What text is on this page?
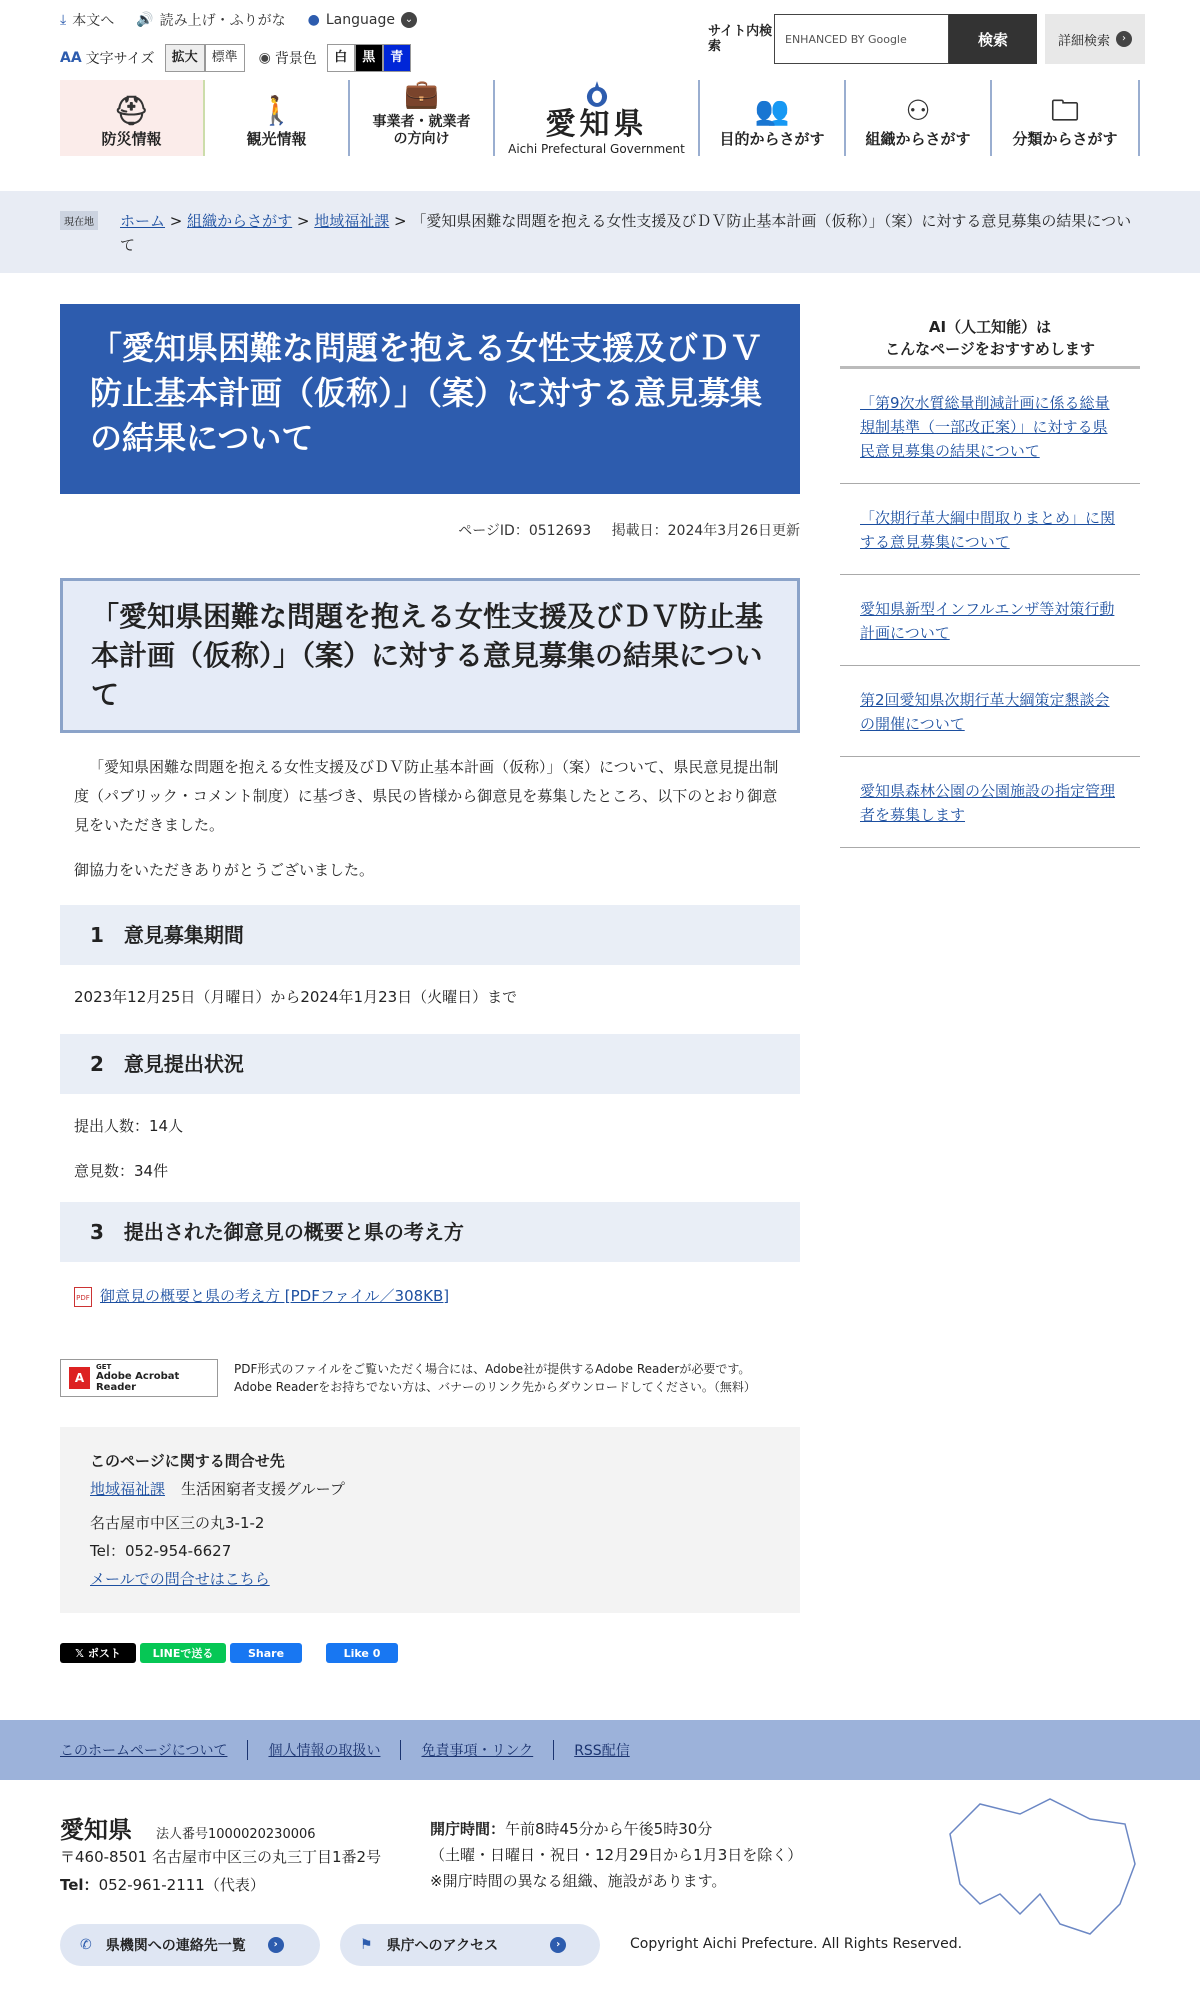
⤓ 本文へ 🔊 読み上げ・ふりがな ● Language ⌄
AA 文字サイズ	拡大	標準	◉ 背景色	白	黒	青
サイト内検索	ENHANCED BY Google	検索	詳細検索	›
⛑
防災情報
🚶
観光情報
💼
事業者・就業者の方向け	愛知県
Aichi Prefectural Government
👥
目的からさがす
⚇
組織からさがす
🗀
分類からさがす
現在地 ホーム > 組織からさがす > 地域福祉課 > 「愛知県困難な問題を抱える女性支援及びＤＶ防止基本計画（仮称）」（案）に対する意見募集の結果について
「愛知県困難な問題を抱える女性支援及びＤＶ防止基本計画（仮称）」（案）に対する意見募集の結果について
ページID：0512693 掲載日：2024年3月26日更新
「愛知県困難な問題を抱える女性支援及びＤＶ防止基本計画（仮称）」（案）に対する意見募集の結果について

「愛知県困難な問題を抱える女性支援及びＤＶ防止基本計画（仮称）」（案）について、県民意見提出制度（パブリック・コメント制度）に基づき、県民の皆様から御意見を募集したところ、以下のとおり御意見をいただきました。

御協力をいただきありがとうございました。

1　意見募集期間

2023年12月25日（月曜日）から2024年1月23日（火曜日）まで

2　意見提出状況

提出人数：14人

意見数：34件

3　提出された御意見の概要と県の考え方

PDF 御意見の概要と県の考え方 [PDFファイル／308KB]

A
GET
Adobe Acrobat Reader
PDF形式のファイルをご覧いただく場合には、Adobe社が提供するAdobe Readerが必要です。
Adobe Readerをお持ちでない方は、バナーのリンク先からダウンロードしてください。（無料）
このページに関する問合せ先
地域福祉課 生活困窮者支援グループ
名古屋市中区三の丸3-1-2
Tel：052-954-6627
メールでの問合せはこちら
𝕏 ポスト	LINEで送る	Share	Like 0
AI（人工知能）は
こんなページをおすすめします
「第9次水質総量削減計画に係る総量規制基準（一部改正案）」に対する県民意見募集の結果について
「次期行革大綱中間取りまとめ」に関する意見募集について
愛知県新型インフルエンザ等対策行動計画について
第2回愛知県次期行革大綱策定懇談会の開催について
愛知県森林公園の公園施設の指定管理者を募集します
このホームページについて	個人情報の取扱い	免責事項・リンク	RSS配信
愛知県 法人番号1000020230006
〒460-8501 名古屋市中区三の丸三丁目1番2号
Tel：052-961-2111（代表）
開庁時間：午前8時45分から午後5時30分
（土曜・日曜日・祝日・12月29日から1月3日を除く）
※開庁時間の異なる組織、施設があります。
✆ 県機関への連絡先一覧	›	⚑ 県庁へのアクセス	›	Copyright Aichi Prefecture. All Rights Reserved.
